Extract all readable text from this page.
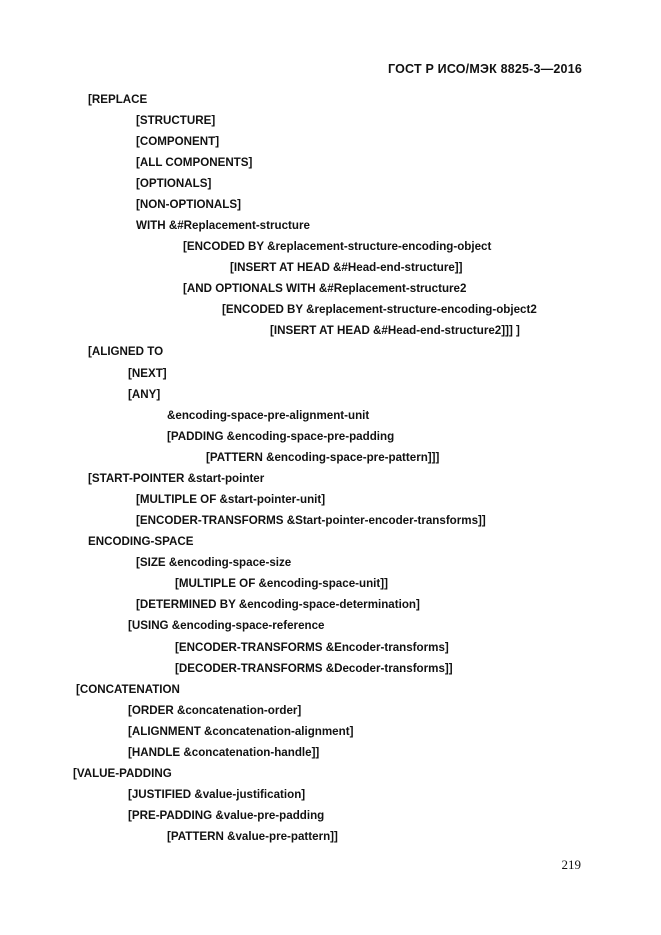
ГОСТ Р ИСО/МЭК 8825-3—2016
[REPLACE
[STRUCTURE]
[COMPONENT]
[ALL COMPONENTS]
[OPTIONALS]
[NON-OPTIONALS]
WITH &#Replacement-structure
[ENCODED BY &replacement-structure-encoding-object
[INSERT AT HEAD &#Head-end-structure]]
[AND OPTIONALS WITH &#Replacement-structure2
[ENCODED BY &replacement-structure-encoding-object2
[INSERT AT HEAD &#Head-end-structure2]]] ]
[ALIGNED TO
[NEXT]
[ANY]
&encoding-space-pre-alignment-unit
[PADDING &encoding-space-pre-padding
[PATTERN &encoding-space-pre-pattern]]]
[START-POINTER &start-pointer
[MULTIPLE OF &start-pointer-unit]
[ENCODER-TRANSFORMS &Start-pointer-encoder-transforms]]
ENCODING-SPACE
[SIZE &encoding-space-size
[MULTIPLE OF &encoding-space-unit]]
[DETERMINED BY &encoding-space-determination]
[USING &encoding-space-reference
[ENCODER-TRANSFORMS &Encoder-transforms]
[DECODER-TRANSFORMS &Decoder-transforms]]
[CONCATENATION
[ORDER &concatenation-order]
[ALIGNMENT &concatenation-alignment]
[HANDLE &concatenation-handle]]
[VALUE-PADDING
[JUSTIFIED &value-justification]
[PRE-PADDING &value-pre-padding
[PATTERN &value-pre-pattern]]
219
